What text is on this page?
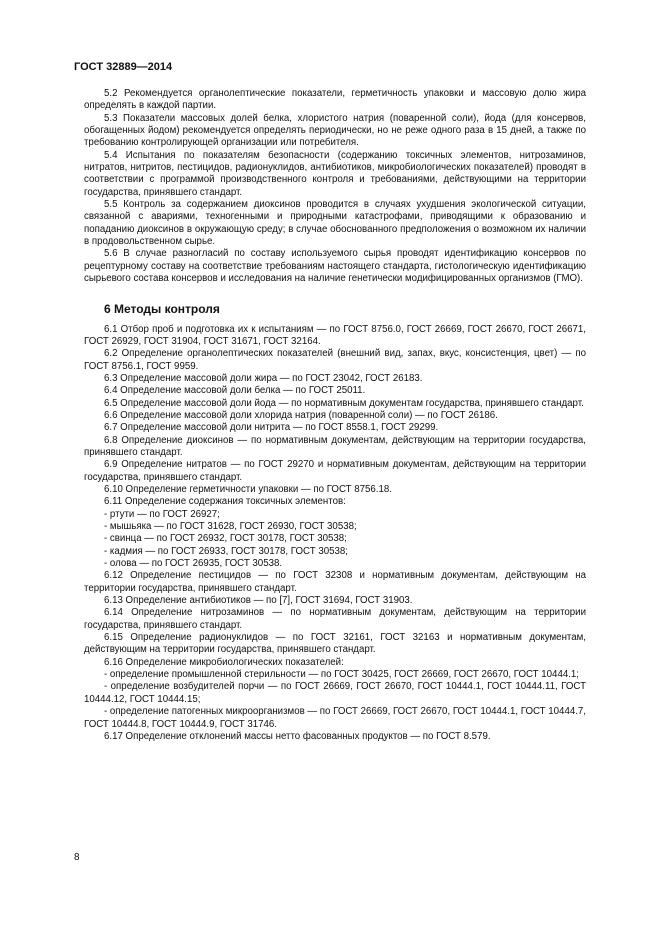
ГОСТ 32889—2014

5.2 Рекомендуется органолептические показатели, герметичность упаковки и массовую долю жира определять в каждой партии.

5.3 Показатели массовых долей белка, хлористого натрия (поваренной соли), йода (для консервов, обогащенных йодом) рекомендуется определять периодически, но не реже одного раза в 15 дней, а также по требованию контролирующей организации или потребителя.

5.4 Испытания по показателям безопасности (содержанию токсичных элементов, нитрозаминов, нитратов, нитритов, пестицидов, радионуклидов, антибиотиков, микробиологических показателей) проводят в соответствии с программой производственного контроля и требованиями, действующими на территории государства, принявшего стандарт.

5.5 Контроль за содержанием диоксинов проводится в случаях ухудшения экологической ситуации, связанной с авариями, техногенными и природными катастрофами, приводящими к образованию и попаданию диоксинов в окружающую среду; в случае обоснованного предположения о возможном их наличии в продовольственном сырье.

5.6 В случае разногласий по составу используемого сырья проводят идентификацию консервов по рецептурному составу на соответствие требованиям настоящего стандарта, гистологическую идентификацию сырьевого состава консервов и исследования на наличие генетически модифицированных организмов (ГМО).

6 Методы контроля

6.1 Отбор проб и подготовка их к испытаниям — по ГОСТ 8756.0, ГОСТ 26669, ГОСТ 26670, ГОСТ 26671, ГОСТ 26929, ГОСТ 31904, ГОСТ 31671, ГОСТ 32164.

6.2 Определение органолептических показателей (внешний вид, запах, вкус, консистенция, цвет) — по ГОСТ 8756.1, ГОСТ 9959.

6.3 Определение массовой доли жира — по ГОСТ 23042, ГОСТ 26183.

6.4 Определение массовой доли белка — по ГОСТ 25011.

6.5 Определение массовой доли йода — по нормативным документам государства, принявшего стандарт.

6.6 Определение массовой доли хлорида натрия (поваренной соли) — по ГОСТ 26186.

6.7 Определение массовой доли нитрита — по ГОСТ 8558.1, ГОСТ 29299.

6.8 Определение диоксинов — по нормативным документам, действующим на территории государства, принявшего стандарт.

6.9 Определение нитратов — по ГОСТ 29270 и нормативным документам, действующим на территории государства, принявшего стандарт.

6.10 Определение герметичности упаковки — по ГОСТ 8756.18.

6.11 Определение содержания токсичных элементов:

- ртути — по ГОСТ 26927;

- мышьяка — по ГОСТ 31628, ГОСТ 26930, ГОСТ 30538;

- свинца — по ГОСТ 26932, ГОСТ 30178, ГОСТ 30538;

- кадмия — по ГОСТ 26933, ГОСТ 30178, ГОСТ 30538;

- олова — по ГОСТ 26935, ГОСТ 30538.

6.12 Определение пестицидов — по ГОСТ 32308 и нормативным документам, действующим на территории государства, принявшего стандарт.

6.13 Определение антибиотиков — по [7], ГОСТ 31694, ГОСТ 31903.

6.14 Определение нитрозаминов — по нормативным документам, действующим на территории государства, принявшего стандарт.

6.15 Определение радионуклидов — по ГОСТ 32161, ГОСТ 32163 и нормативным документам, действующим на территории государства, принявшего стандарт.

6.16 Определение микробиологических показателей:

- определение промышленной стерильности — по ГОСТ 30425, ГОСТ 26669, ГОСТ 26670, ГОСТ 10444.1;

- определение возбудителей порчи — по ГОСТ 26669, ГОСТ 26670, ГОСТ 10444.1, ГОСТ 10444.11, ГОСТ 10444.12, ГОСТ 10444.15;

- определение патогенных микроорганизмов — по ГОСТ 26669, ГОСТ 26670, ГОСТ 10444.1, ГОСТ 10444.7, ГОСТ 10444.8, ГОСТ 10444.9, ГОСТ 31746.

6.17 Определение отклонений массы нетто фасованных продуктов — по ГОСТ 8.579.

8
